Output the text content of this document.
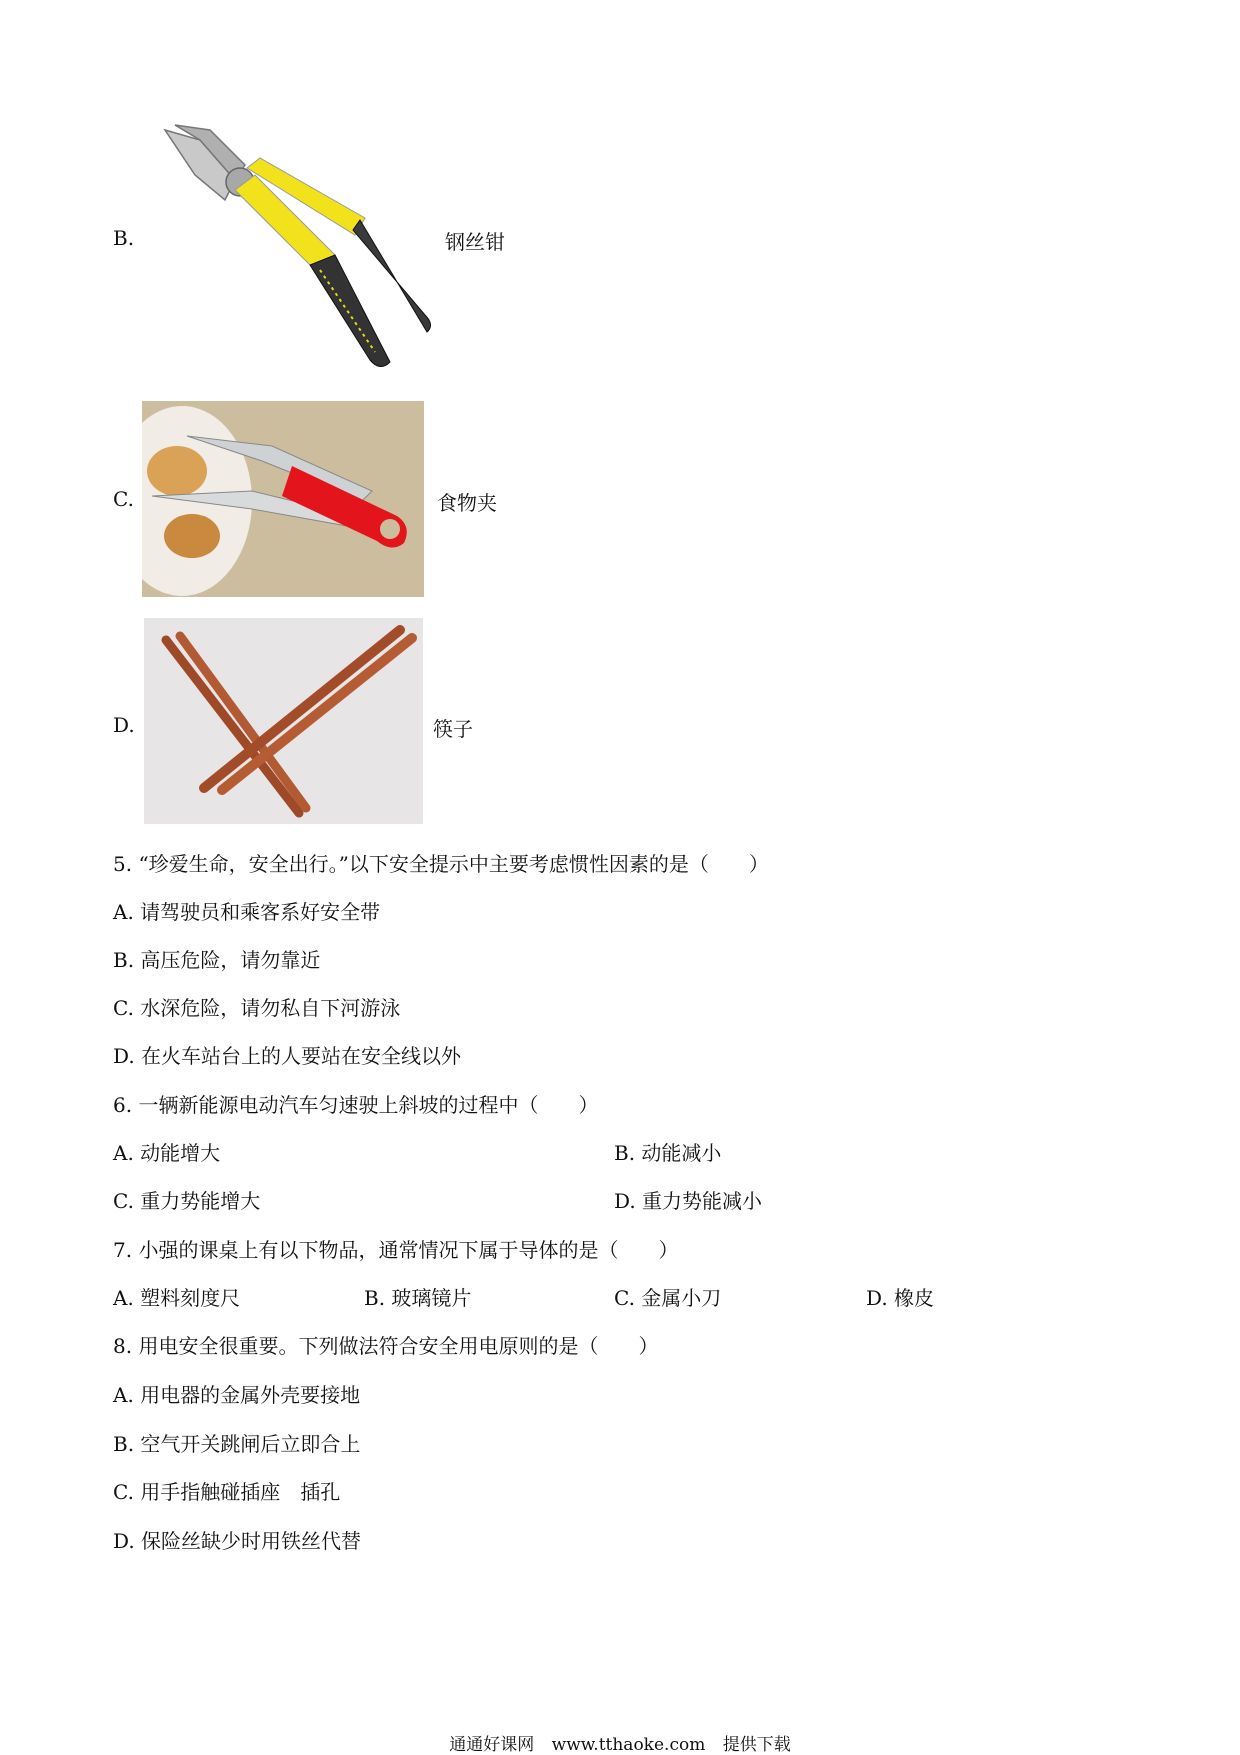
B.	钢丝钳
C.	食物夹
D.	筷子
5. “珍爱生命，安全出行。”以下安全提示中主要考虑惯性因素的是（　　）
A. 请驾驶员和乘客系好安全带
B. 高压危险，请勿靠近
C. 水深危险，请勿私自下河游泳
D. 在火车站台上的人要站在安全线以外
6. 一辆新能源电动汽车匀速驶上斜坡的过程中（　　）
A. 动能增大	B. 动能减小
C. 重力势能增大	D. 重力势能减小
7. 小强的课桌上有以下物品，通常情况下属于导体的是（　　）
A. 塑料刻度尺	B. 玻璃镜片	C. 金属小刀	D. 橡皮
8. 用电安全很重要。下列做法符合安全用电原则的是（　　）
A. 用电器的金属外壳要接地
B. 空气开关跳闸后立即合上
C. 用手指触碰插座　插孔
D. 保险丝缺少时用铁丝代替
通通好课网 www.tthaoke.com 提供下载
